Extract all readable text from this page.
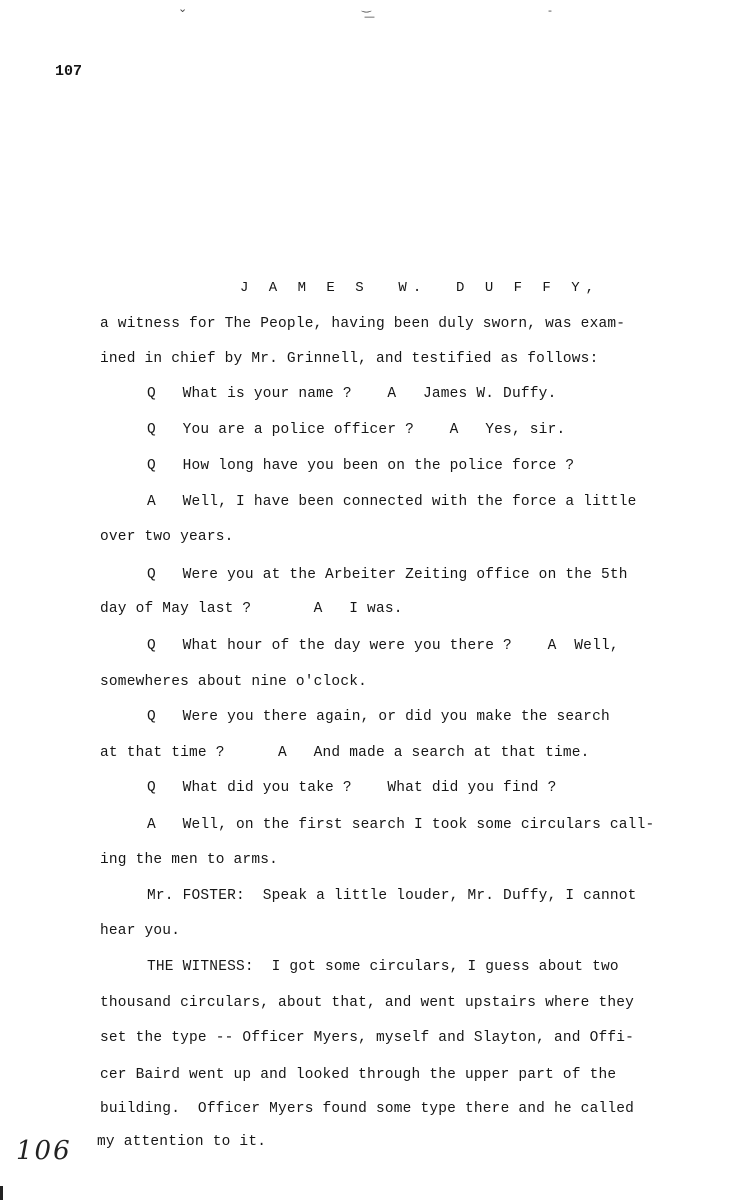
⌄	‿
—	-
107
J A M E S  W.  D U F F Y,
a witness for The People, having been duly sworn, was exam-
ined in chief by Mr. Grinnell, and testified as follows:
Q   What is your name ?    A   James W. Duffy.
Q   You are a police officer ?    A   Yes, sir.
Q   How long have you been on the police force ?
A   Well, I have been connected with the force a little
over two years.
Q   Were you at the Arbeiter Zeiting office on the 5th
day of May last ?       A   I was.
Q   What hour of the day were you there ?    A  Well,
somewheres about nine o'clock.
Q   Were you there again, or did you make the search
at that time ?      A   And made a search at that time.
Q   What did you take ?    What did you find ?
A   Well, on the first search I took some circulars call-
ing the men to arms.
Mr. FOSTER:  Speak a little louder, Mr. Duffy, I cannot
hear you.
THE WITNESS:  I got some circulars, I guess about two
thousand circulars, about that, and went upstairs where they
set the type -- Officer Myers, myself and Slayton, and Offi-
cer Baird went up and looked through the upper part of the
building.  Officer Myers found some type there and he called
my attention to it.
106
